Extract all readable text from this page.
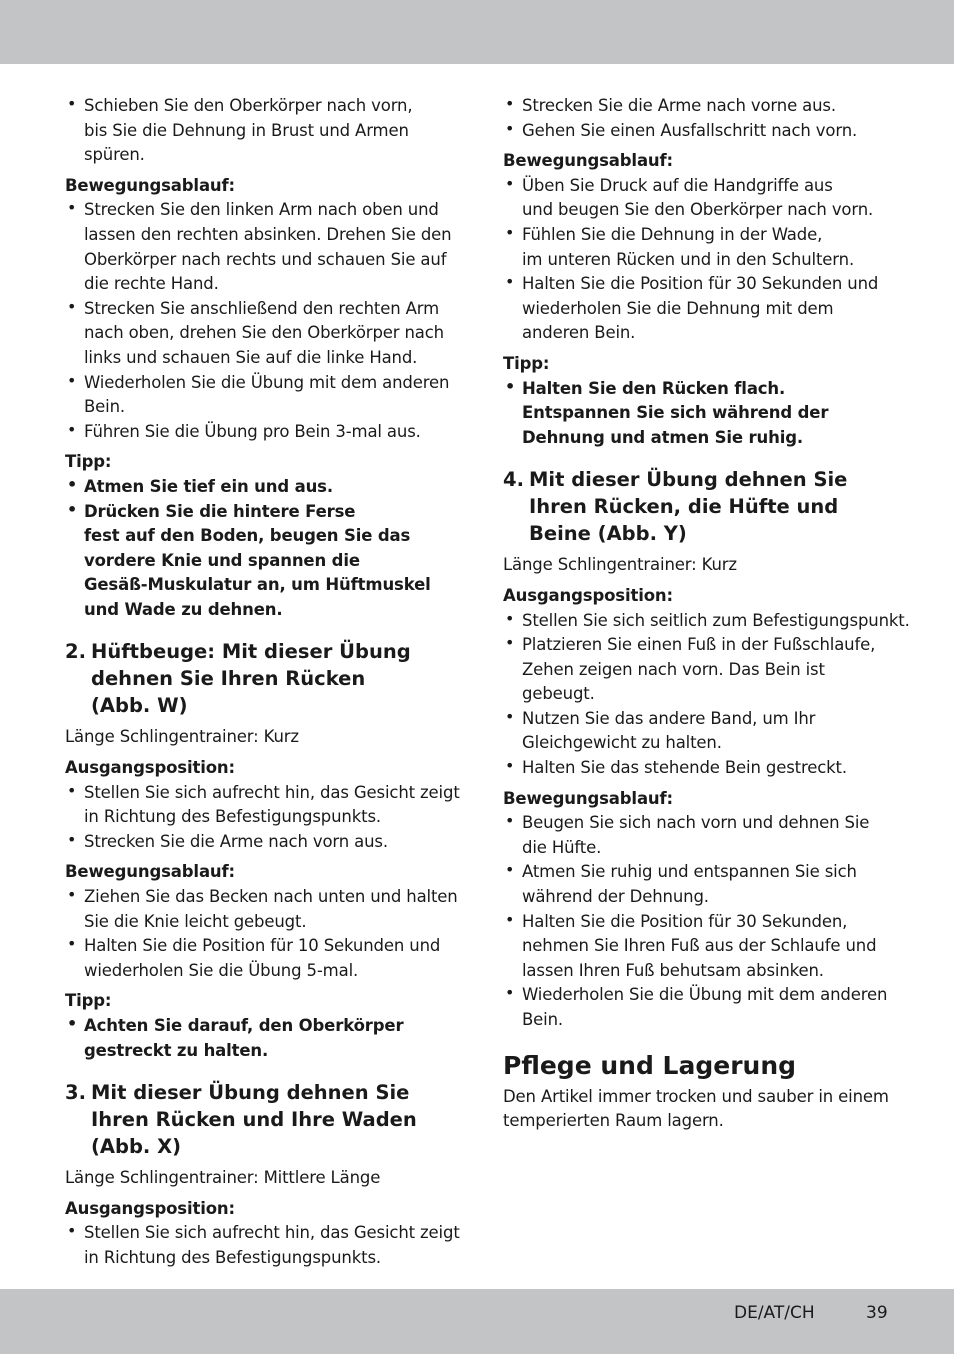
• Schieben Sie den Oberkörper nach vorn,
bis Sie die Dehnung in Brust und Armen
spüren.
Bewegungsablauf:
• Strecken Sie den linken Arm nach oben und
lassen den rechten absinken. Drehen Sie den
Oberkörper nach rechts und schauen Sie auf
die rechte Hand.
• Strecken Sie anschließend den rechten Arm
nach oben, drehen Sie den Oberkörper nach
links und schauen Sie auf die linke Hand.
• Wiederholen Sie die Übung mit dem anderen
Bein.
• Führen Sie die Übung pro Bein 3-mal aus.
Tipp:
• Atmen Sie tief ein und aus.
• Drücken Sie die hintere Ferse
fest auf den Boden, beugen Sie das
vordere Knie und spannen die
Gesäß-Muskulatur an, um Hüftmuskel
und Wade zu dehnen.
2. Hüftbeuge: Mit dieser Übung
dehnen Sie Ihren Rücken
(Abb. W)
Länge Schlingentrainer: Kurz
Ausgangsposition:
• Stellen Sie sich aufrecht hin, das Gesicht zeigt
in Richtung des Befestigungspunkts.
• Strecken Sie die Arme nach vorn aus.
Bewegungsablauf:
• Ziehen Sie das Becken nach unten und halten
Sie die Knie leicht gebeugt.
• Halten Sie die Position für 10 Sekunden und
wiederholen Sie die Übung 5-mal.
Tipp:
• Achten Sie darauf, den Oberkörper
gestreckt zu halten.
3. Mit dieser Übung dehnen Sie
Ihren Rücken und Ihre Waden
(Abb. X)
Länge Schlingentrainer: Mittlere Länge
Ausgangsposition:
• Stellen Sie sich aufrecht hin, das Gesicht zeigt
in Richtung des Befestigungspunkts.
• Strecken Sie die Arme nach vorne aus.
• Gehen Sie einen Ausfallschritt nach vorn.
Bewegungsablauf:
• Üben Sie Druck auf die Handgriffe aus
und beugen Sie den Oberkörper nach vorn.
• Fühlen Sie die Dehnung in der Wade,
im unteren Rücken und in den Schultern.
• Halten Sie die Position für 30 Sekunden und
wiederholen Sie die Dehnung mit dem
anderen Bein.
Tipp:
• Halten Sie den Rücken flach.
Entspannen Sie sich während der
Dehnung und atmen Sie ruhig.
4. Mit dieser Übung dehnen Sie
Ihren Rücken, die Hüfte und
Beine (Abb. Y)
Länge Schlingentrainer: Kurz
Ausgangsposition:
• Stellen Sie sich seitlich zum Befestigungspunkt.
• Platzieren Sie einen Fuß in der Fußschlaufe,
Zehen zeigen nach vorn. Das Bein ist
gebeugt.
• Nutzen Sie das andere Band, um Ihr
Gleichgewicht zu halten.
• Halten Sie das stehende Bein gestreckt.
Bewegungsablauf:
• Beugen Sie sich nach vorn und dehnen Sie
die Hüfte.
• Atmen Sie ruhig und entspannen Sie sich
während der Dehnung.
• Halten Sie die Position für 30 Sekunden,
nehmen Sie Ihren Fuß aus der Schlaufe und
lassen Ihren Fuß behutsam absinken.
• Wiederholen Sie die Übung mit dem anderen
Bein.
Pflege und Lagerung
Den Artikel immer trocken und sauber in einem
temperierten Raum lagern.
DE/AT/CH	39
